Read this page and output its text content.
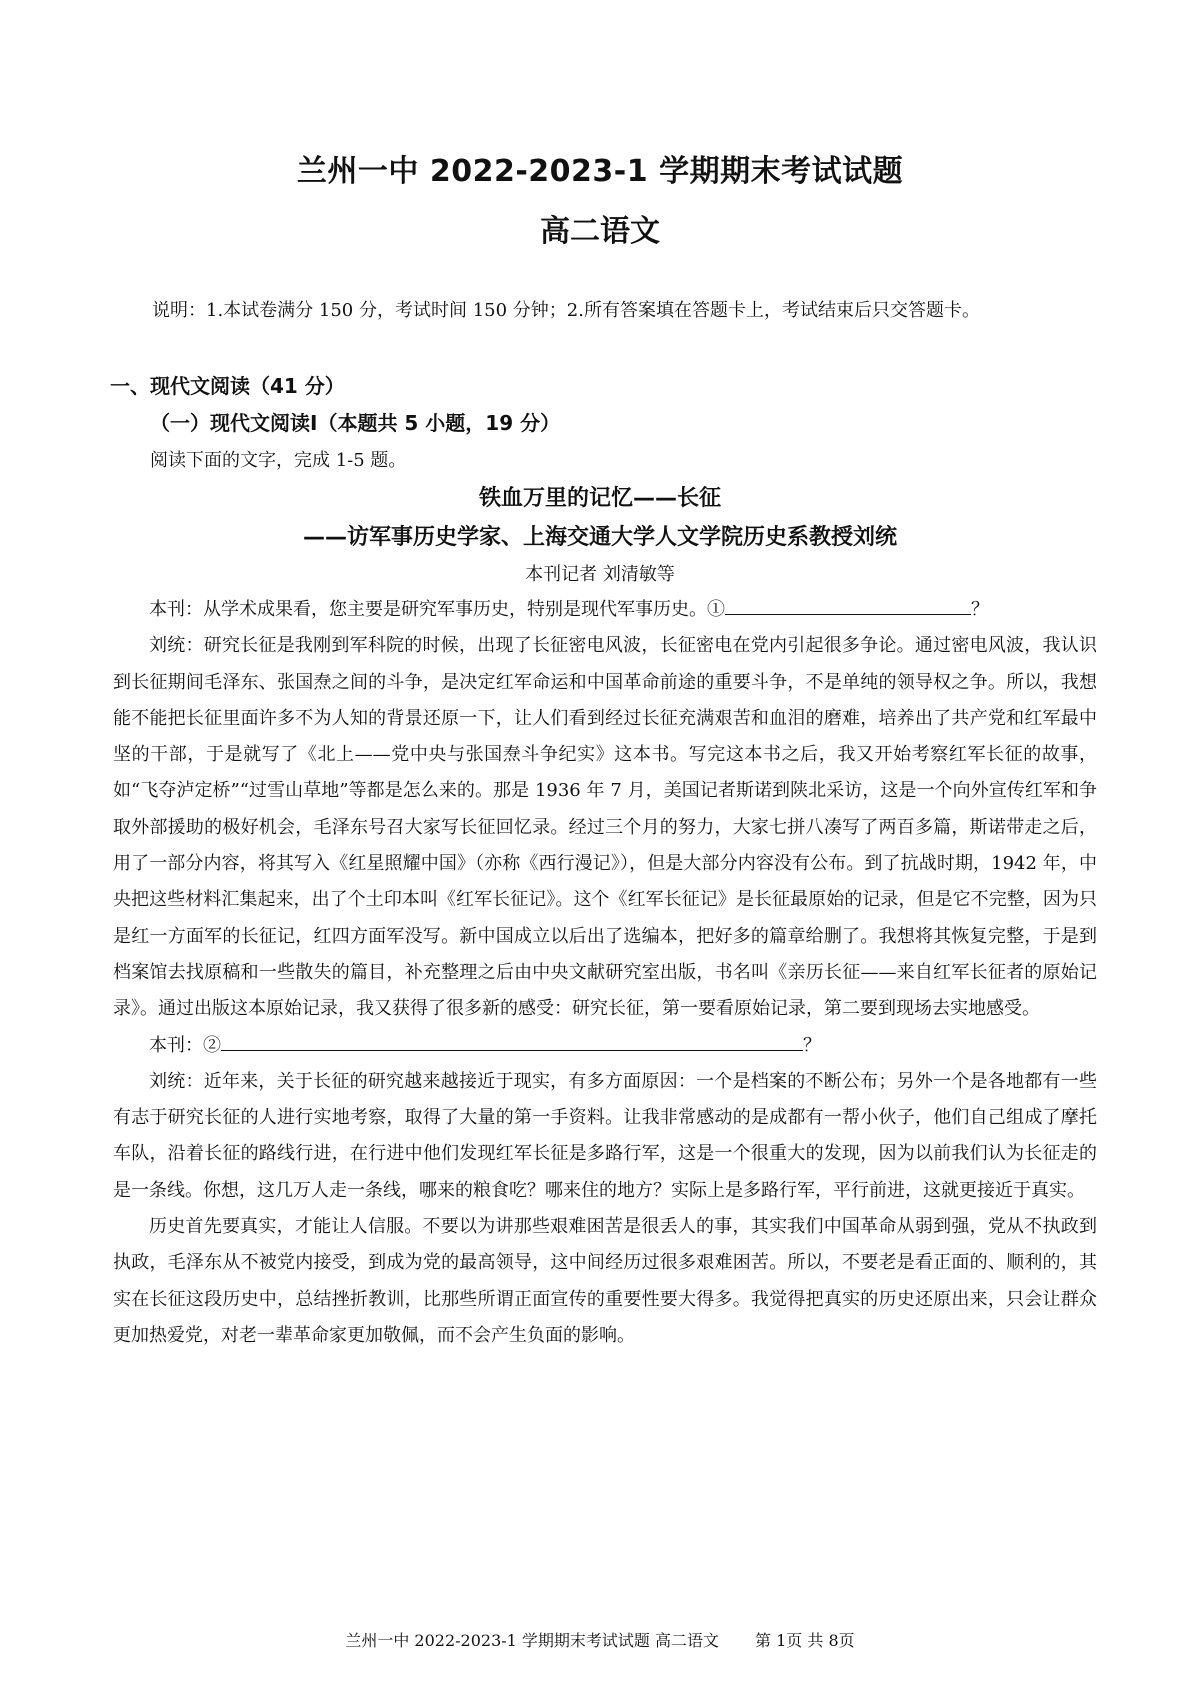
兰州一中 2022-2023-1 学期期末考试试题
高二语文
说明：1.本试卷满分 150 分，考试时间 150 分钟；2.所有答案填在答题卡上，考试结束后只交答题卡。
一、现代文阅读（41 分）
（一）现代文阅读Ⅰ（本题共 5 小题，19 分）
阅读下面的文字，完成 1-5 题。
铁血万里的记忆——长征
——访军事历史学家、上海交通大学人文学院历史系教授刘统
本刊记者 刘清敏等

本刊：从学术成果看，您主要是研究军事历史，特别是现代军事历史。①	？

刘统：研究长征是我刚到军科院的时候，出现了长征密电风波，长征密电在党内引起很多争论。通过密电风波，我认识到长征期间毛泽东、张国焘之间的斗争，是决定红军命运和中国革命前途的重要斗争，不是单纯的领导权之争。所以，我想能不能把长征里面许多不为人知的背景还原一下，让人们看到经过长征充满艰苦和血泪的磨难，培养出了共产党和红军最中坚的干部，于是就写了《北上——党中央与张国焘斗争纪实》这本书。写完这本书之后，我又开始考察红军长征的故事，如“飞夺泸定桥”“过雪山草地”等都是怎么来的。那是 1936 年 7 月，美国记者斯诺到陕北采访，这是一个向外宣传红军和争取外部援助的极好机会，毛泽东号召大家写长征回忆录。经过三个月的努力，大家七拼八凑写了两百多篇，斯诺带走之后，用了一部分内容，将其写入《红星照耀中国》（亦称《西行漫记》），但是大部分内容没有公布。到了抗战时期，1942 年，中央把这些材料汇集起来，出了个土印本叫《红军长征记》。这个《红军长征记》是长征最原始的记录，但是它不完整，因为只是红一方面军的长征记，红四方面军没写。新中国成立以后出了选编本，把好多的篇章给删了。我想将其恢复完整，于是到档案馆去找原稿和一些散失的篇目，补充整理之后由中央文献研究室出版，书名叫《亲历长征——来自红军长征者的原始记录》。通过出版这本原始记录，我又获得了很多新的感受：研究长征，第一要看原始记录，第二要到现场去实地感受。

本刊：②	？

刘统：近年来，关于长征的研究越来越接近于现实，有多方面原因：一个是档案的不断公布；另外一个是各地都有一些有志于研究长征的人进行实地考察，取得了大量的第一手资料。让我非常感动的是成都有一帮小伙子，他们自己组成了摩托车队，沿着长征的路线行进，在行进中他们发现红军长征是多路行军，这是一个很重大的发现，因为以前我们认为长征走的是一条线。你想，这几万人走一条线，哪来的粮食吃？哪来住的地方？实际上是多路行军，平行前进，这就更接近于真实。

历史首先要真实，才能让人信服。不要以为讲那些艰难困苦是很丢人的事，其实我们中国革命从弱到强，党从不执政到执政，毛泽东从不被党内接受，到成为党的最高领导，这中间经历过很多艰难困苦。所以，不要老是看正面的、顺利的，其实在长征这段历史中，总结挫折教训，比那些所谓正面宣传的重要性要大得多。我觉得把真实的历史还原出来，只会让群众更加热爱党，对老一辈革命家更加敬佩，而不会产生负面的影响。

兰州一中 2022-2023-1 学期期末考试试题 高二语文 第 1页 共 8页
